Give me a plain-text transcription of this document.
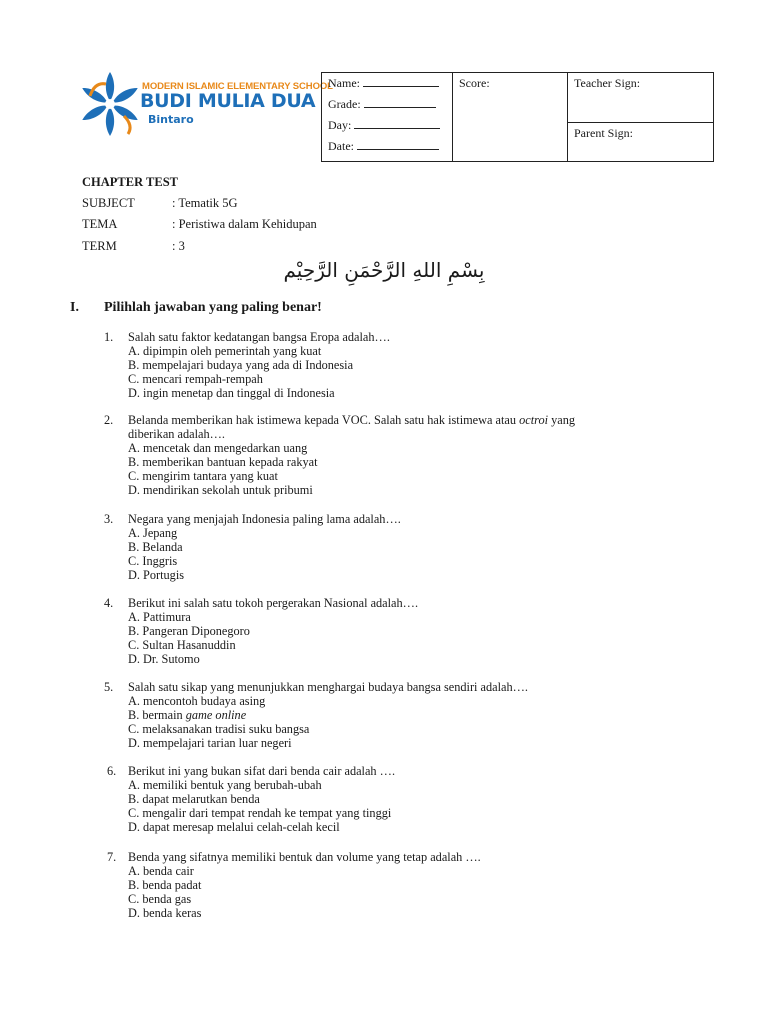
MODERN ISLAMIC ELEMENTARY SCHOOL
BUDI MULIA DUA
Bintaro
Name:
Grade:
Day:
Date:
	Score:	Teacher Sign:
Parent Sign:
CHAPTER TEST
SUBJECT	: Tematik 5G
TEMA	: Peristiwa dalam Kehidupan
TERM	: 3
بِسْمِ اللهِ الرَّحْمَنِ الرَّحِيْم
I. Pilihlah jawaban yang paling benar!
1. Salah satu faktor kedatangan bangsa Eropa adalah….
A. dipimpin oleh pemerintah yang kuat
B. mempelajari budaya yang ada di Indonesia
C. mencari rempah-rempah
D. ingin menetap dan tinggal di Indonesia
2. Belanda memberikan hak istimewa kepada VOC. Salah satu hak istimewa atau octroi yang
diberikan adalah….
A. mencetak dan mengedarkan uang
B. memberikan bantuan kepada rakyat
C. mengirim tantara yang kuat
D. mendirikan sekolah untuk pribumi
3. Negara yang menjajah Indonesia paling lama adalah….
A. Jepang
B. Belanda
C. Inggris
D. Portugis
4. Berikut ini salah satu tokoh pergerakan Nasional adalah….
A. Pattimura
B. Pangeran Diponegoro
C. Sultan Hasanuddin
D. Dr. Sutomo
5. Salah satu sikap yang menunjukkan menghargai budaya bangsa sendiri adalah….
A. mencontoh budaya asing
B. bermain game online
C. melaksanakan tradisi suku bangsa
D. mempelajari tarian luar negeri
6. Berikut ini yang bukan sifat dari benda cair adalah ….
A. memiliki bentuk yang berubah-ubah
B. dapat melarutkan benda
C. mengalir dari tempat rendah ke tempat yang tinggi
D. dapat meresap melalui celah-celah kecil
7. Benda yang sifatnya memiliki bentuk dan volume yang tetap adalah ….
A. benda cair
B. benda padat
C. benda gas
D. benda keras
